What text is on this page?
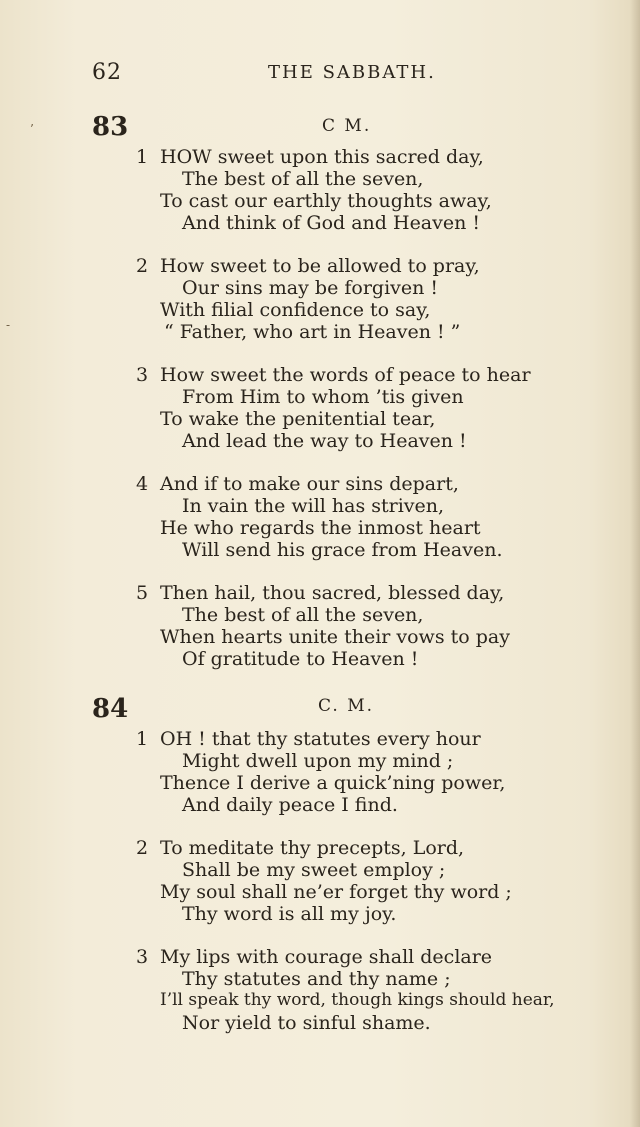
’
-
62	THE SABBATH.
83	C M.
1 HOW sweet upon this sacred day,
The best of all the seven,
To cast our earthly thoughts away,
And think of God and Heaven !
2 How sweet to be allowed to pray,
Our sins may be forgiven !
With filial confidence to say,
“ Father, who art in Heaven ! ”
3 How sweet the words of peace to hear
From Him to whom ’tis given
To wake the penitential tear,
And lead the way to Heaven !
4 And if to make our sins depart,
In vain the will has striven,
He who regards the inmost heart
Will send his grace from Heaven.
5 Then hail, thou sacred, blessed day,
The best of all the seven,
When hearts unite their vows to pay
Of gratitude to Heaven !
84	C. M.
1 OH ! that thy statutes every hour
Might dwell upon my mind ;
Thence I derive a quick’ning power,
And daily peace I find.
2 To meditate thy precepts, Lord,
Shall be my sweet employ ;
My soul shall ne’er forget thy word ;
Thy word is all my joy.
3 My lips with courage shall declare
Thy statutes and thy name ;
I’ll speak thy word, though kings should hear,
Nor yield to sinful shame.
